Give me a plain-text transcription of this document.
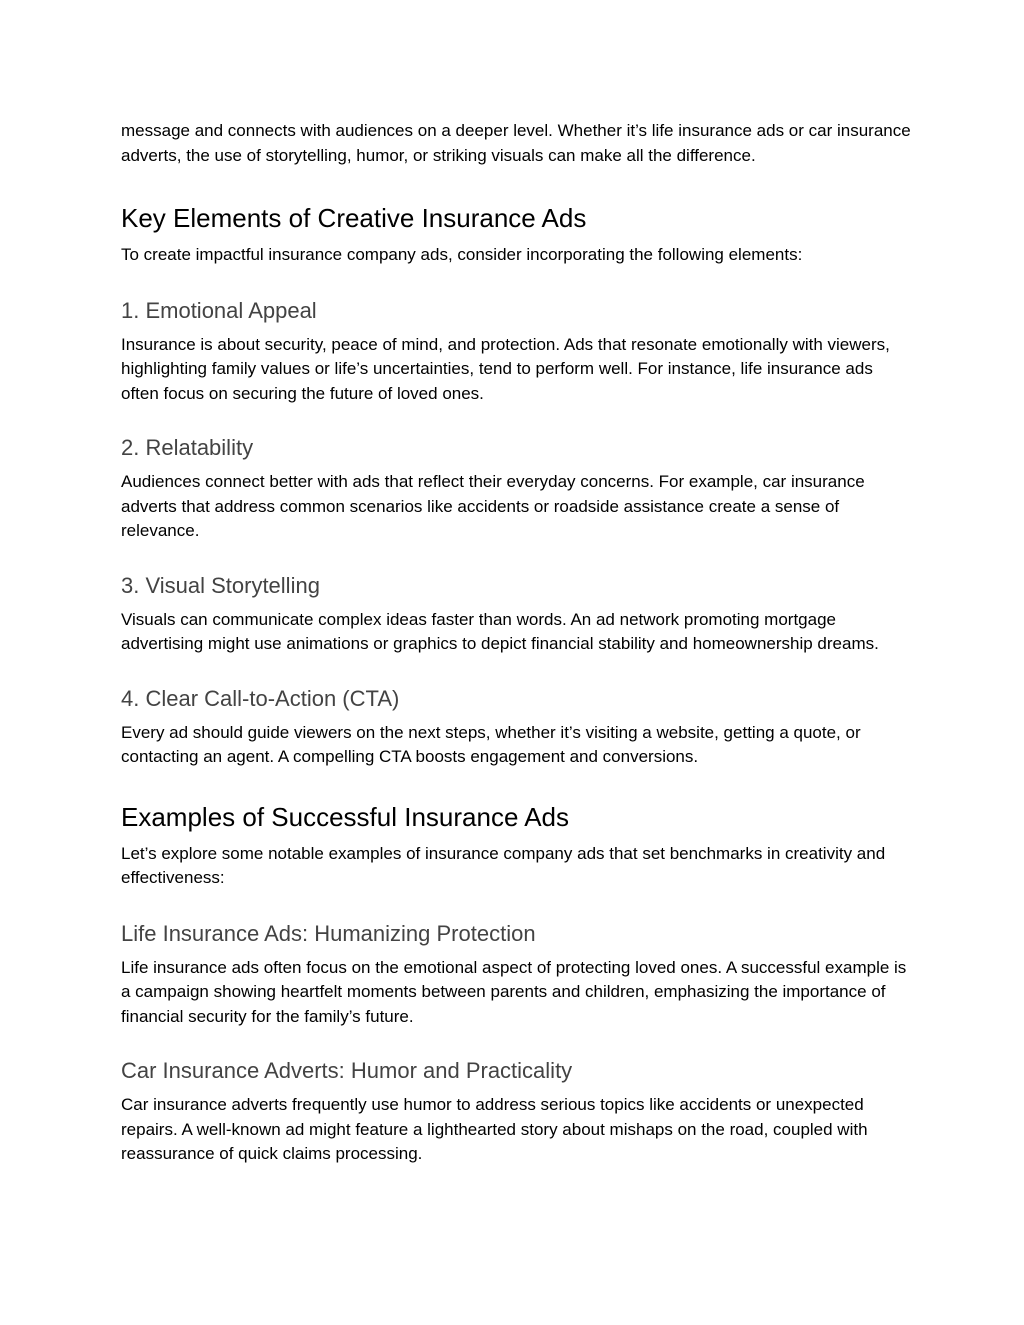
message and connects with audiences on a deeper level. Whether it’s life insurance ads or car insurance adverts, the use of storytelling, humor, or striking visuals can make all the difference.

Key Elements of Creative Insurance Ads

To create impactful insurance company ads, consider incorporating the following elements:

1. Emotional Appeal

Insurance is about security, peace of mind, and protection. Ads that resonate emotionally with viewers, highlighting family values or life’s uncertainties, tend to perform well. For instance, life insurance ads often focus on securing the future of loved ones.

2. Relatability

Audiences connect better with ads that reflect their everyday concerns. For example, car insurance adverts that address common scenarios like accidents or roadside assistance create a sense of relevance.

3. Visual Storytelling

Visuals can communicate complex ideas faster than words. An ad network promoting mortgage advertising might use animations or graphics to depict financial stability and homeownership dreams.

4. Clear Call-to-Action (CTA)

Every ad should guide viewers on the next steps, whether it’s visiting a website, getting a quote, or contacting an agent. A compelling CTA boosts engagement and conversions.

Examples of Successful Insurance Ads

Let’s explore some notable examples of insurance company ads that set benchmarks in creativity and effectiveness:

Life Insurance Ads: Humanizing Protection

Life insurance ads often focus on the emotional aspect of protecting loved ones. A successful example is a campaign showing heartfelt moments between parents and children, emphasizing the importance of financial security for the family’s future.

Car Insurance Adverts: Humor and Practicality

Car insurance adverts frequently use humor to address serious topics like accidents or unexpected repairs. A well-known ad might feature a lighthearted story about mishaps on the road, coupled with reassurance of quick claims processing.
